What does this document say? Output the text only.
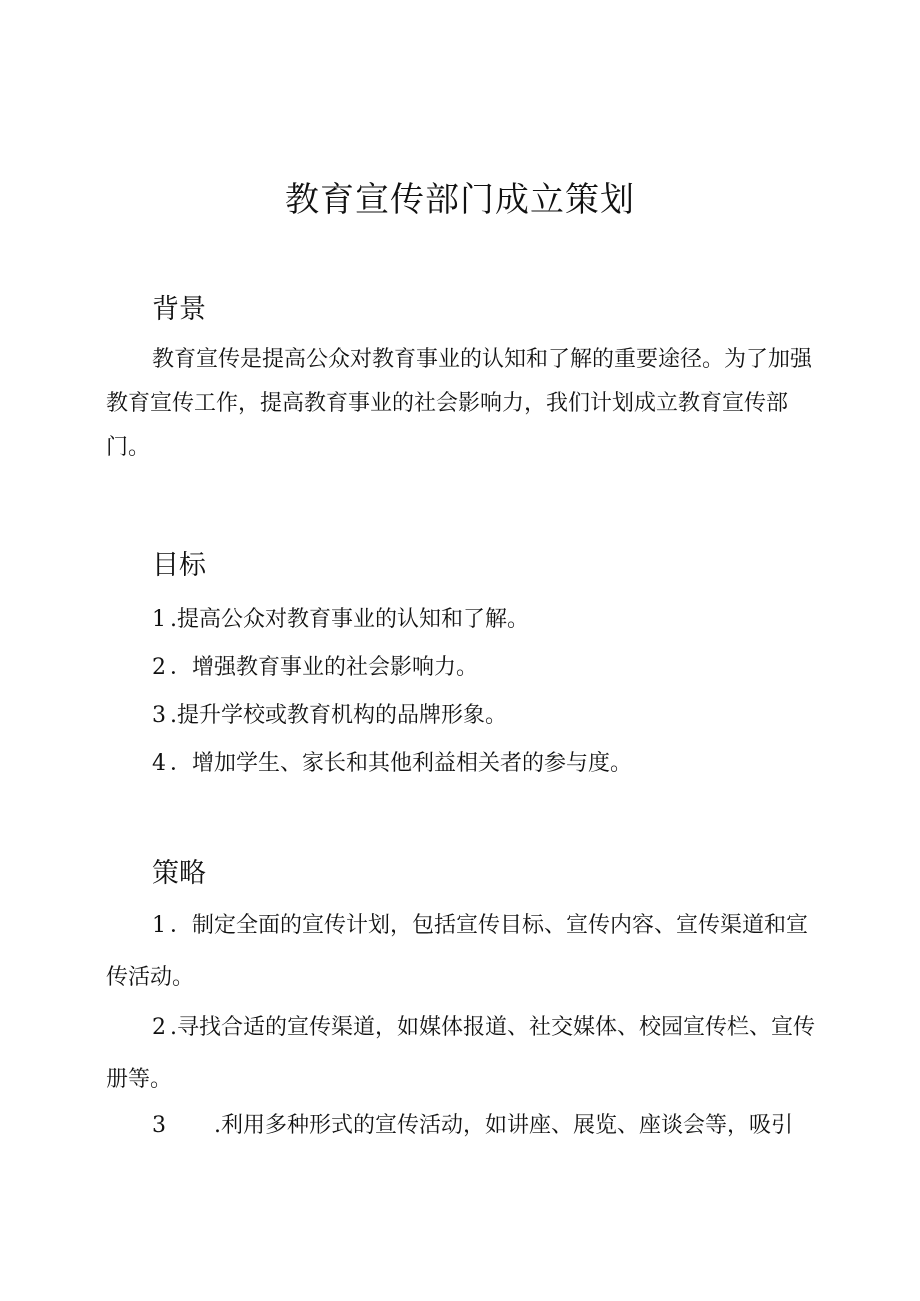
教育宣传部门成立策划
背景

教育宣传是提高公众对教育事业的认知和了解的重要途径。为了加强教育宣传工作，提高教育事业的社会影响力，我们计划成立教育宣传部门。

目标
1 .提高公众对教育事业的认知和了解。
2 ．增强教育事业的社会影响力。
3 .提升学校或教育机构的品牌形象。
4 ．增加学生、家长和其他利益相关者的参与度。
策略

1 ．制定全面的宣传计划，包括宣传目标、宣传内容、宣传渠道和宣传活动。

2 .寻找合适的宣传渠道，如媒体报道、社交媒体、校园宣传栏、宣传册等。

3 .利用多种形式的宣传活动，如讲座、展览、座谈会等，吸引
